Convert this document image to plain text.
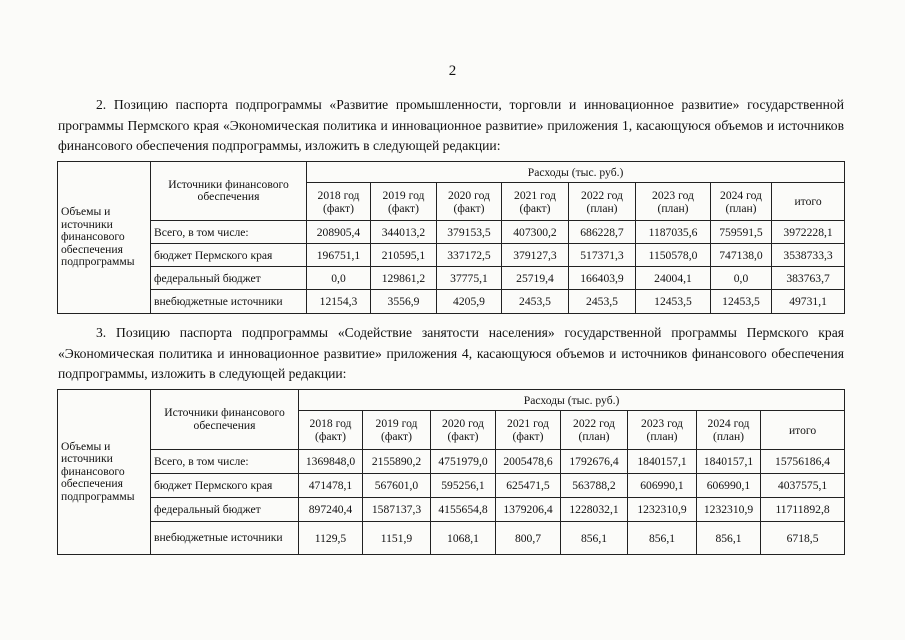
2

2. Позицию паспорта подпрограммы «Развитие промышленности, торговли и инновационное развитие» государственной программы Пермского края «Экономическая политика и инновационное развитие» приложения 1, касающуюся объемов и источников финансового обеспечения подпрограммы, изложить в следующей редакции:

Объемы и источники финансового обеспечения подпрограммы	Источники финансового обеспечения	Расходы (тыс. руб.)							
		2018 год (факт)	2019 год (факт)	2020 год (факт)	2021 год (факт)	2022 год (план)	2023 год (план)	2024 год (план)	итого
	Всего, в том числе:	208905,4	344013,2	379153,5	407300,2	686228,7	1187035,6	759591,5	3972228,1
	бюджет Пермского края	196751,1	210595,1	337172,5	379127,3	517371,3	1150578,0	747138,0	3538733,3
	федеральный бюджет	0,0	129861,2	37775,1	25719,4	166403,9	24004,1	0,0	383763,7
	внебюджетные источники	12154,3	3556,9	4205,9	2453,5	2453,5	12453,5	12453,5	49731,1

3. Позицию паспорта подпрограммы «Содействие занятости населения» государственной программы Пермского края «Экономическая политика и инновационное развитие» приложения 4, касающуюся объемов и источников финансового обеспечения подпрограммы, изложить в следующей редакции:

Объемы и источники финансового обеспечения подпрограммы	Источники финансового обеспечения	Расходы (тыс. руб.)							
		2018 год (факт)	2019 год (факт)	2020 год (факт)	2021 год (факт)	2022 год (план)	2023 год (план)	2024 год (план)	итого
	Всего, в том числе:	1369848,0	2155890,2	4751979,0	2005478,6	1792676,4	1840157,1	1840157,1	15756186,4
	бюджет Пермского края	471478,1	567601,0	595256,1	625471,5	563788,2	606990,1	606990,1	4037575,1
	федеральный бюджет	897240,4	1587137,3	4155654,8	1379206,4	1228032,1	1232310,9	1232310,9	11711892,8
	внебюджетные источники	1129,5	1151,9	1068,1	800,7	856,1	856,1	856,1	6718,5
